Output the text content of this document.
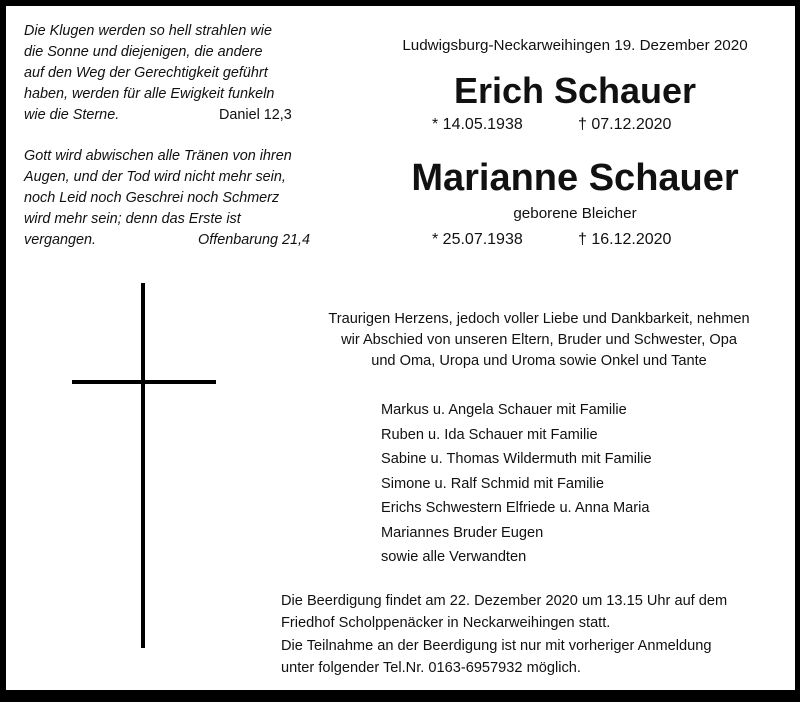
Die Klugen werden so hell strahlen wie
die Sonne und diejenigen, die andere
auf den Weg der Gerechtigkeit geführt
haben, werden für alle Ewigkeit funkeln
wie die Sterne.	Daniel 12,3
Gott wird abwischen alle Tränen von ihren
Augen, und der Tod wird nicht mehr sein,
noch Leid noch Geschrei noch Schmerz
wird mehr sein; denn das Erste ist
vergangen.	Offenbarung 21,4
Ludwigsburg-Neckarweihingen 19. Dezember 2020
Erich Schauer
* 14.05.1938	† 07.12.2020
Marianne Schauer
geborene Bleicher
* 25.07.1938	† 16.12.2020
Traurigen Herzens, jedoch voller Liebe und Dankbarkeit, nehmen
wir Abschied von unseren Eltern, Bruder und Schwester, Opa
und Oma, Uropa und Uroma sowie Onkel und Tante
Markus u. Angela Schauer mit Familie
Ruben u. Ida Schauer mit Familie
Sabine u. Thomas Wildermuth mit Familie
Simone u. Ralf Schmid mit Familie
Erichs Schwestern Elfriede u. Anna Maria
Mariannes Bruder Eugen
sowie alle Verwandten
Die Beerdigung findet am 22. Dezember 2020 um 13.15 Uhr auf dem
Friedhof Scholppenäcker in Neckarweihingen statt.
Die Teilnahme an der Beerdigung ist nur mit vorheriger Anmeldung
unter folgender Tel.Nr. 0163-6957932 möglich.
